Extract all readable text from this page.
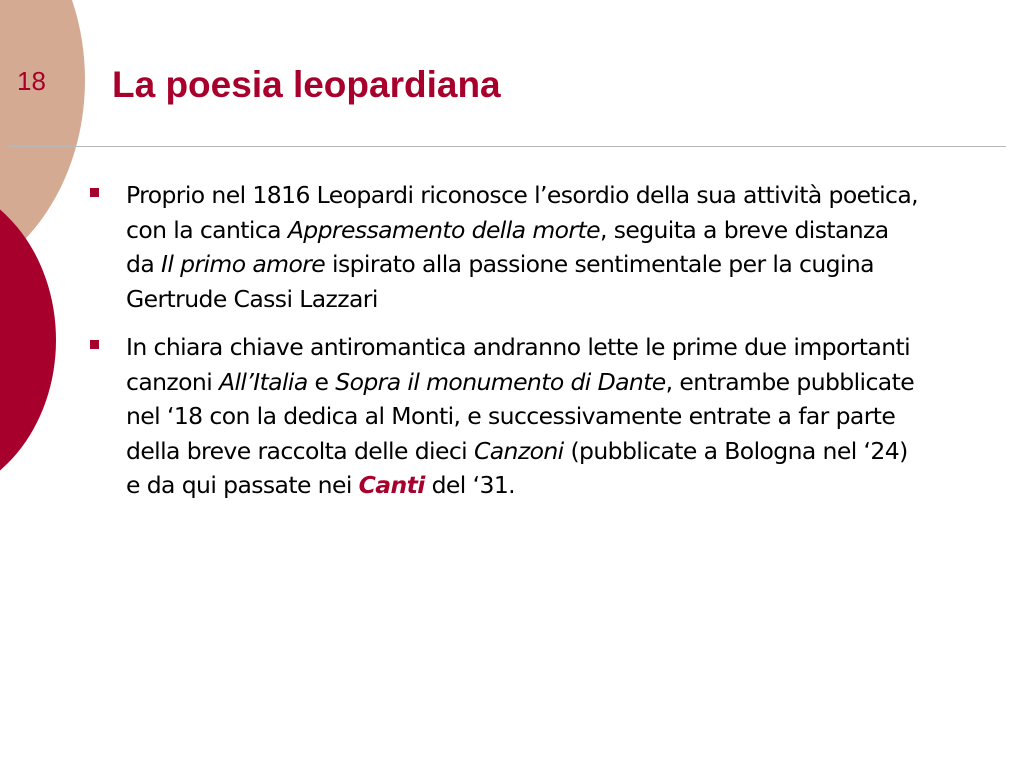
18 La poesia leopardiana
Proprio nel 1816 Leopardi riconosce l’esordio della sua attività poetica, con la cantica Appressamento della morte, seguita a breve distanza da Il primo amore ispirato alla passione sentimentale per la cugina Gertrude Cassi Lazzari
In chiara chiave antiromantica andranno lette le prime due importanti canzoni All’Italia e Sopra il monumento di Dante, entrambe pubblicate nel ‘18 con la dedica al Monti, e successivamente entrate a far parte della breve raccolta delle dieci Canzoni (pubblicate a Bologna nel ‘24) e da qui passate nei Canti del ‘31.
